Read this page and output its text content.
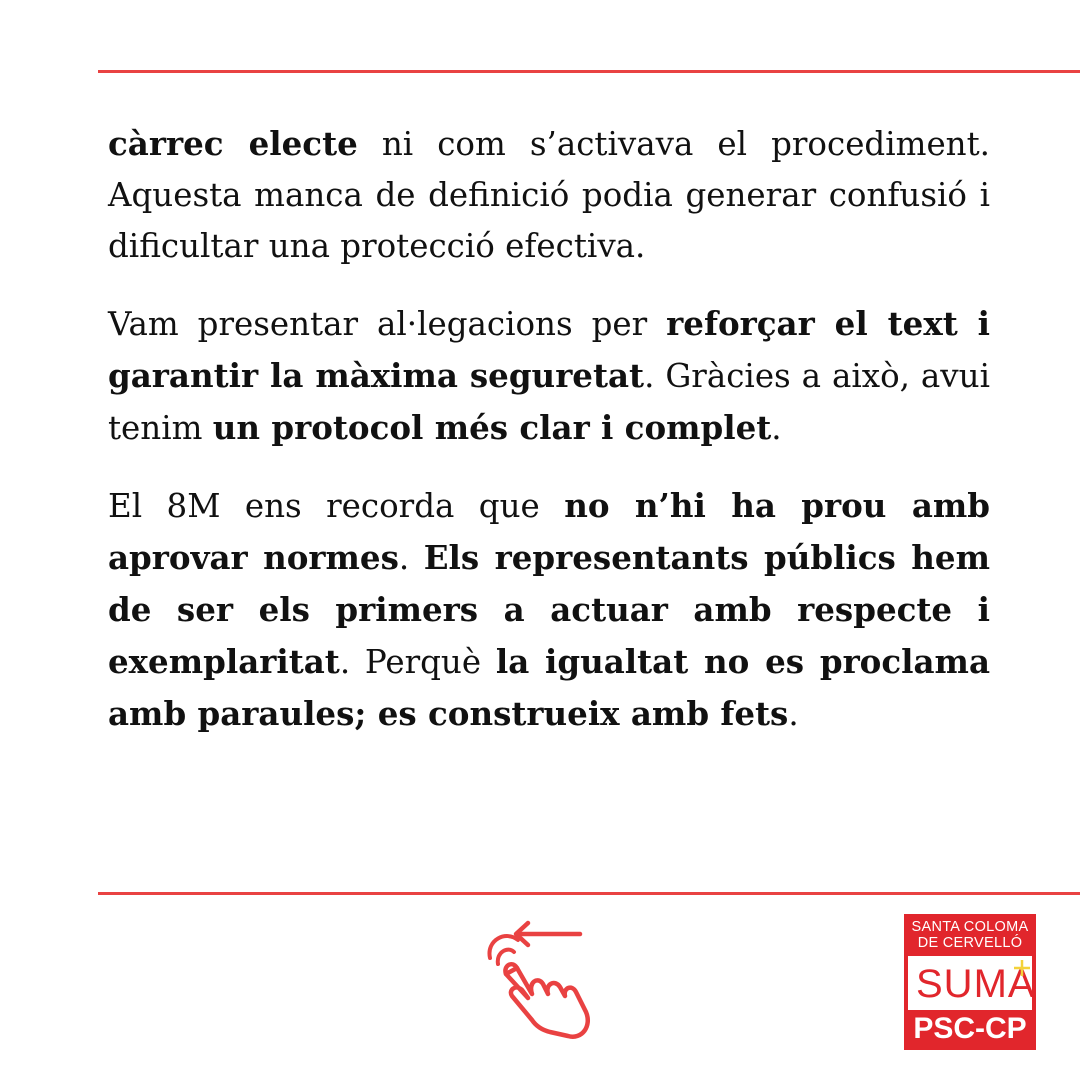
càrrec electe ni com s’activava el procediment. Aquesta manca de definició podia generar confusió i dificultar una protecció efectiva.

Vam presentar al·legacions per reforçar el text i garantir la màxima seguretat. Gràcies a això, avui tenim un protocol més clar i complet.

El 8M ens recorda que no n’hi ha prou amb aprovar normes. Els representants públics hem de ser els primers a actuar amb respecte i exemplaritat. Perquè la igualtat no es proclama amb paraules; es construeix amb fets.

SANTA COLOMA
DE CERVELLÓ
SUMA
PSC-CP
